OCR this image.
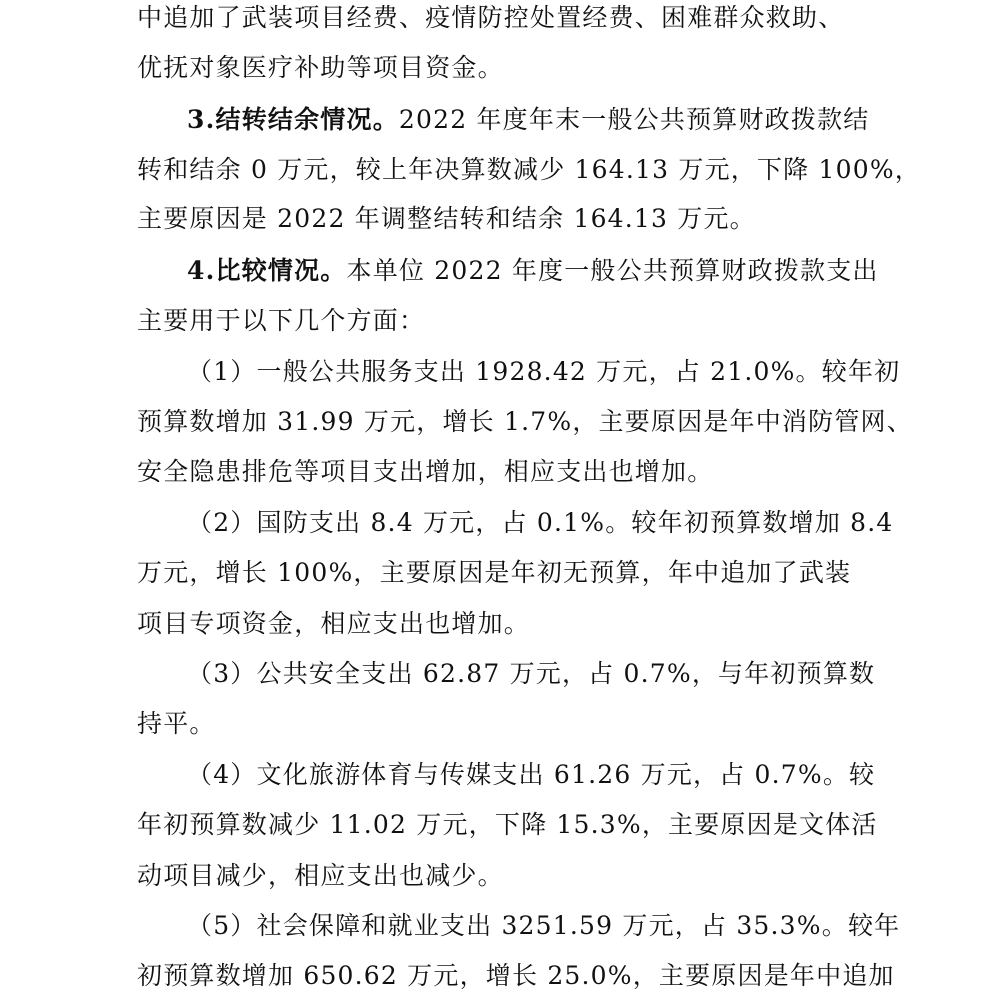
中追加了武装项目经费、疫情防控处置经费、困难群众救助、
优抚对象医疗补助等项目资金。
3.结转结余情况。2022 年度年末一般公共预算财政拨款结
转和结余 0 万元，较上年决算数减少 164.13 万元，下降 100%，
主要原因是 2022 年调整结转和结余 164.13 万元。
4.比较情况。本单位 2022 年度一般公共预算财政拨款支出
主要用于以下几个方面：
（1）一般公共服务支出 1928.42 万元，占 21.0%。较年初
预算数增加 31.99 万元，增长 1.7%，主要原因是年中消防管网、
安全隐患排危等项目支出增加，相应支出也增加。
（2）国防支出 8.4 万元，占 0.1%。较年初预算数增加 8.4
万元，增长 100%，主要原因是年初无预算，年中追加了武装
项目专项资金，相应支出也增加。
（3）公共安全支出 62.87 万元，占 0.7%，与年初预算数
持平。
（4）文化旅游体育与传媒支出 61.26 万元，占 0.7%。较
年初预算数减少 11.02 万元，下降 15.3%，主要原因是文体活
动项目减少，相应支出也减少。
（5）社会保障和就业支出 3251.59 万元，占 35.3%。较年
初预算数增加 650.62 万元，增长 25.0%，主要原因是年中追加
